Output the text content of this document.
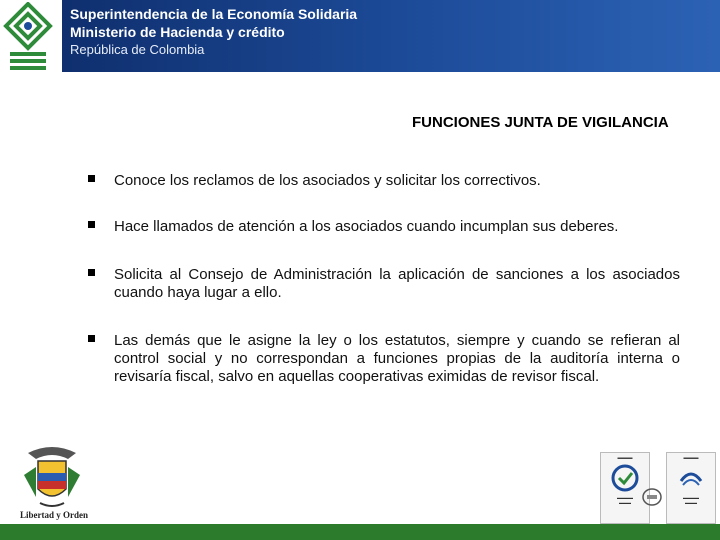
Superintendencia de la Economía Solidaria
Ministerio de Hacienda y crédito
República de Colombia
FUNCIONES JUNTA DE VIGILANCIA
Conoce los reclamos de los asociados y solicitar los correctivos.
Hace llamados de atención a los asociados cuando incumplan sus deberes.
Solicita al Consejo de Administración la aplicación de sanciones a los asociados cuando haya lugar a ello.
Las demás que le asigne la ley o los estatutos, siempre y cuando se refieran al control social y no correspondan a funciones propias de la auditoría interna o revisaría fiscal, salvo en aquellas cooperativas eximidas de revisor fiscal.
Libertad y Orden
▬▬▬
▬▬▬▬
▬▬▬
▬▬▬
▬▬▬▬
▬▬▬
